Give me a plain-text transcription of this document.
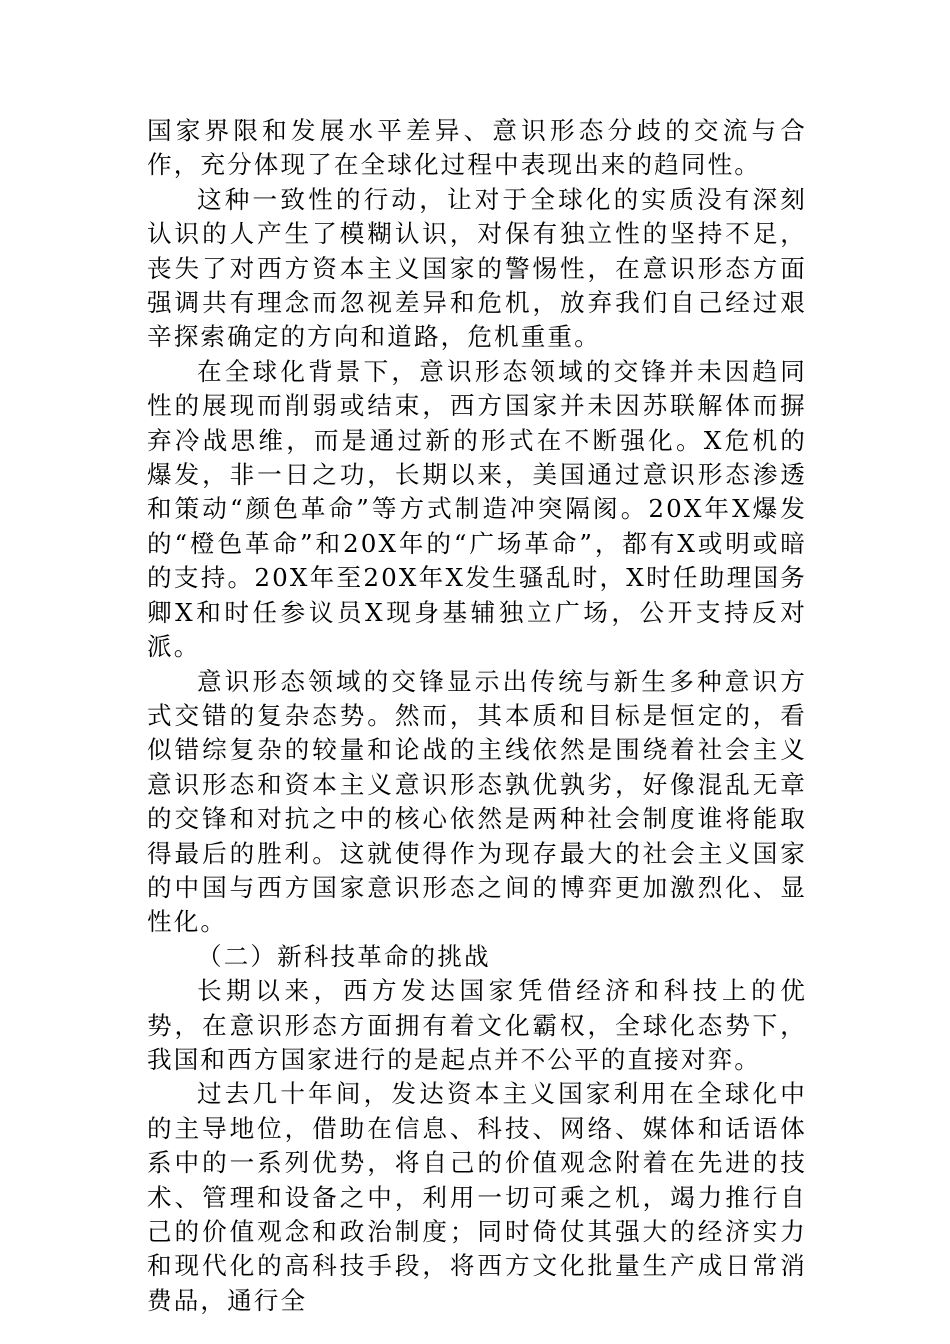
国家界限和发展水平差异、意识形态分歧的交流与合作，充分体现了在全球化过程中表现出来的趋同性。

这种一致性的行动，让对于全球化的实质没有深刻认识的人产生了模糊认识，对保有独立性的坚持不足，丧失了对西方资本主义国家的警惕性，在意识形态方面强调共有理念而忽视差异和危机，放弃我们自己经过艰辛探索确定的方向和道路，危机重重。

在全球化背景下，意识形态领域的交锋并未因趋同性的展现而削弱或结束，西方国家并未因苏联解体而摒弃冷战思维，而是通过新的形式在不断强化。X危机的爆发，非一日之功，长期以来，美国通过意识形态渗透和策动“颜色革命”等方式制造冲突隔阂。20X年X爆发的“橙色革命”和20X年的“广场革命”，都有X或明或暗的支持。20X年至20X年X发生骚乱时，X时任助理国务卿X和时任参议员X现身基辅独立广场，公开支持反对派。

意识形态领域的交锋显示出传统与新生多种意识方式交错的复杂态势。然而，其本质和目标是恒定的，看似错综复杂的较量和论战的主线依然是围绕着社会主义意识形态和资本主义意识形态孰优孰劣，好像混乱无章的交锋和对抗之中的核心依然是两种社会制度谁将能取得最后的胜利。这就使得作为现存最大的社会主义国家的中国与西方国家意识形态之间的博弈更加激烈化、显性化。

（二）新科技革命的挑战

长期以来，西方发达国家凭借经济和科技上的优势，在意识形态方面拥有着文化霸权，全球化态势下，我国和西方国家进行的是起点并不公平的直接对弈。

过去几十年间，发达资本主义国家利用在全球化中的主导地位，借助在信息、科技、网络、媒体和话语体系中的一系列优势，将自己的价值观念附着在先进的技术、管理和设备之中，利用一切可乘之机，竭力推行自己的价值观念和政治制度；同时倚仗其强大的经济实力和现代化的高科技手段，将西方文化批量生产成日常消费品，通行全
